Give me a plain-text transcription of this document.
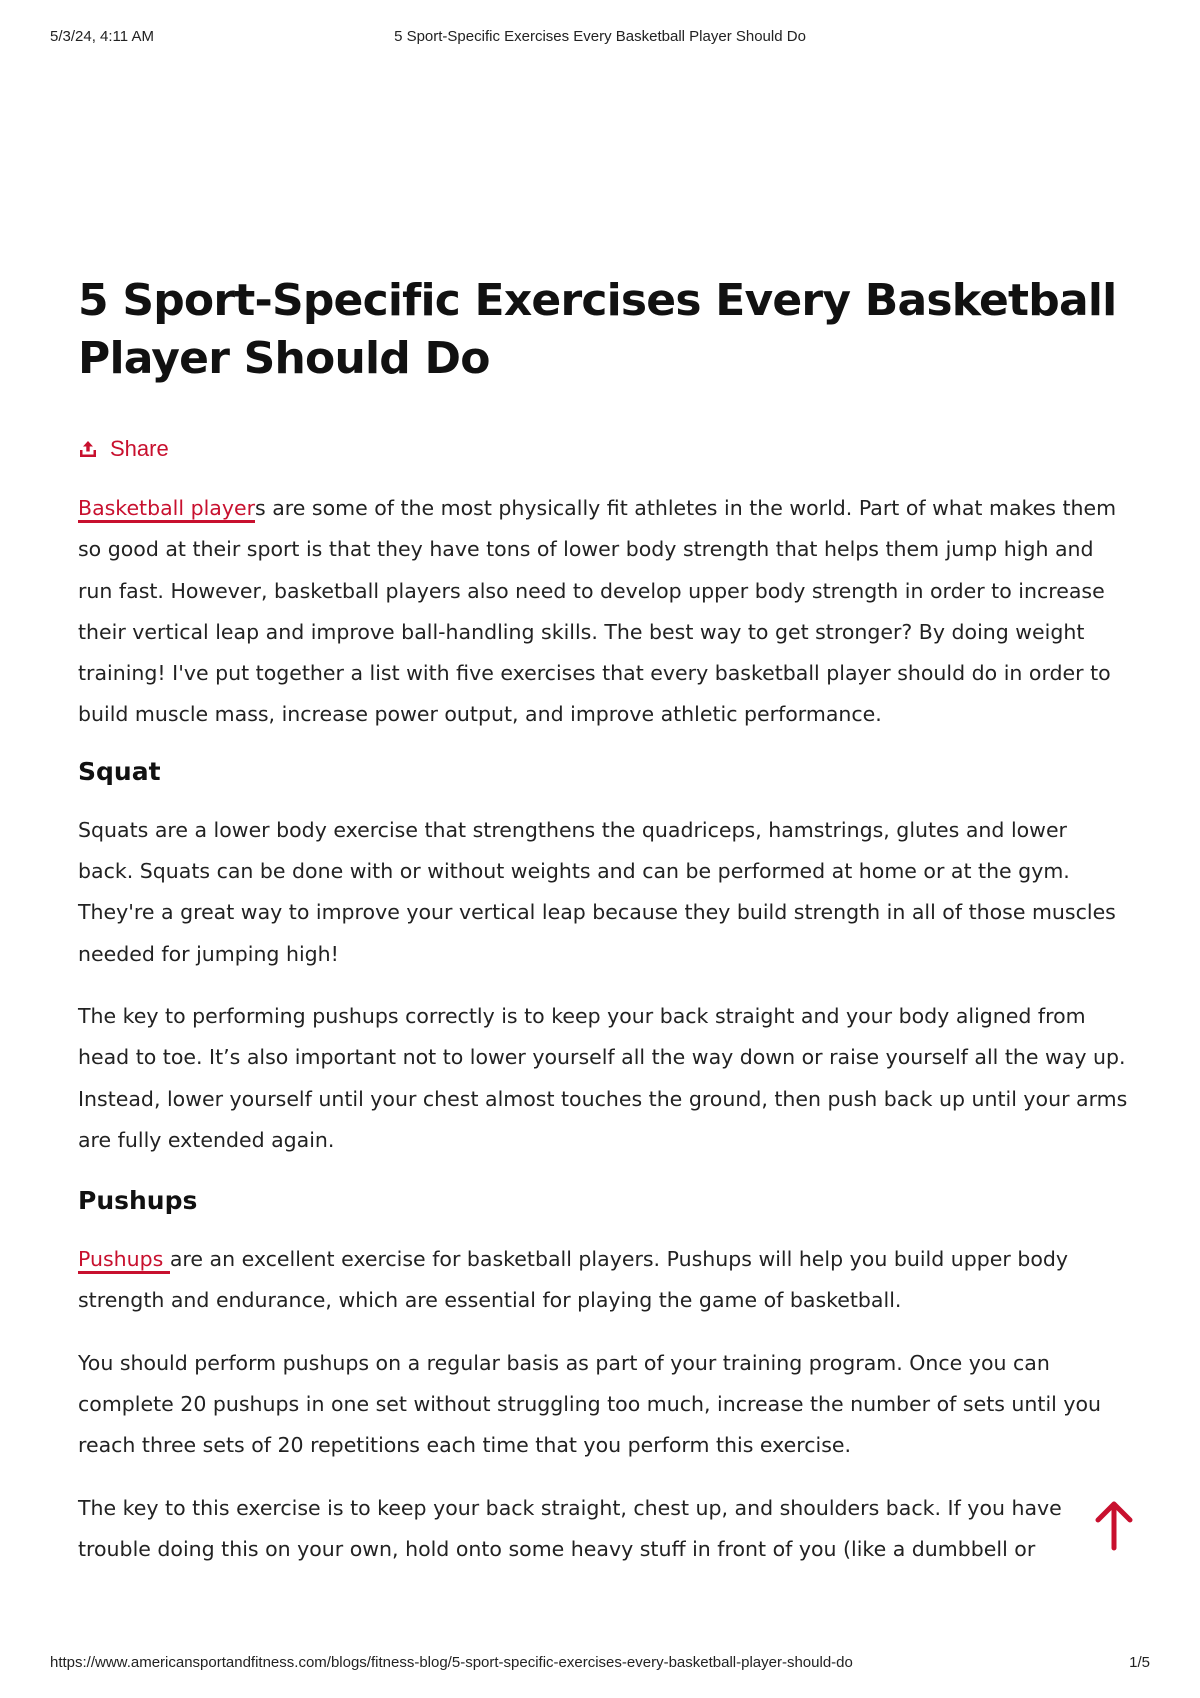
5/3/24, 4:11 AM	5 Sport-Specific Exercises Every Basketball Player Should Do
5 Sport-Specific Exercises Every Basketball Player Should Do
Share

Basketball players are some of the most physically fit athletes in the world. Part of what makes them so good at their sport is that they have tons of lower body strength that helps them jump high and run fast. However, basketball players also need to develop upper body strength in order to increase their vertical leap and improve ball-handling skills. The best way to get stronger? By doing weight training! I've put together a list with five exercises that every basketball player should do in order to build muscle mass, increase power output, and improve athletic performance.

Squat

Squats are a lower body exercise that strengthens the quadriceps, hamstrings, glutes and lower back. Squats can be done with or without weights and can be performed at home or at the gym. They're a great way to improve your vertical leap because they build strength in all of those muscles needed for jumping high!

The key to performing pushups correctly is to keep your back straight and your body aligned from head to toe. It’s also important not to lower yourself all the way down or raise yourself all the way up. Instead, lower yourself until your chest almost touches the ground, then push back up until your arms are fully extended again.

Pushups

Pushups are an excellent exercise for basketball players. Pushups will help you build upper body strength and endurance, which are essential for playing the game of basketball.

You should perform pushups on a regular basis as part of your training program. Once you can complete 20 pushups in one set without struggling too much, increase the number of sets until you reach three sets of 20 repetitions each time that you perform this exercise.

The key to this exercise is to keep your back straight, chest up, and shoulders back. If you have trouble doing this on your own, hold onto some heavy stuff in front of you (like a dumbbell or

https://www.americansportandfitness.com/blogs/fitness-blog/5-sport-specific-exercises-every-basketball-player-should-do	1/5
